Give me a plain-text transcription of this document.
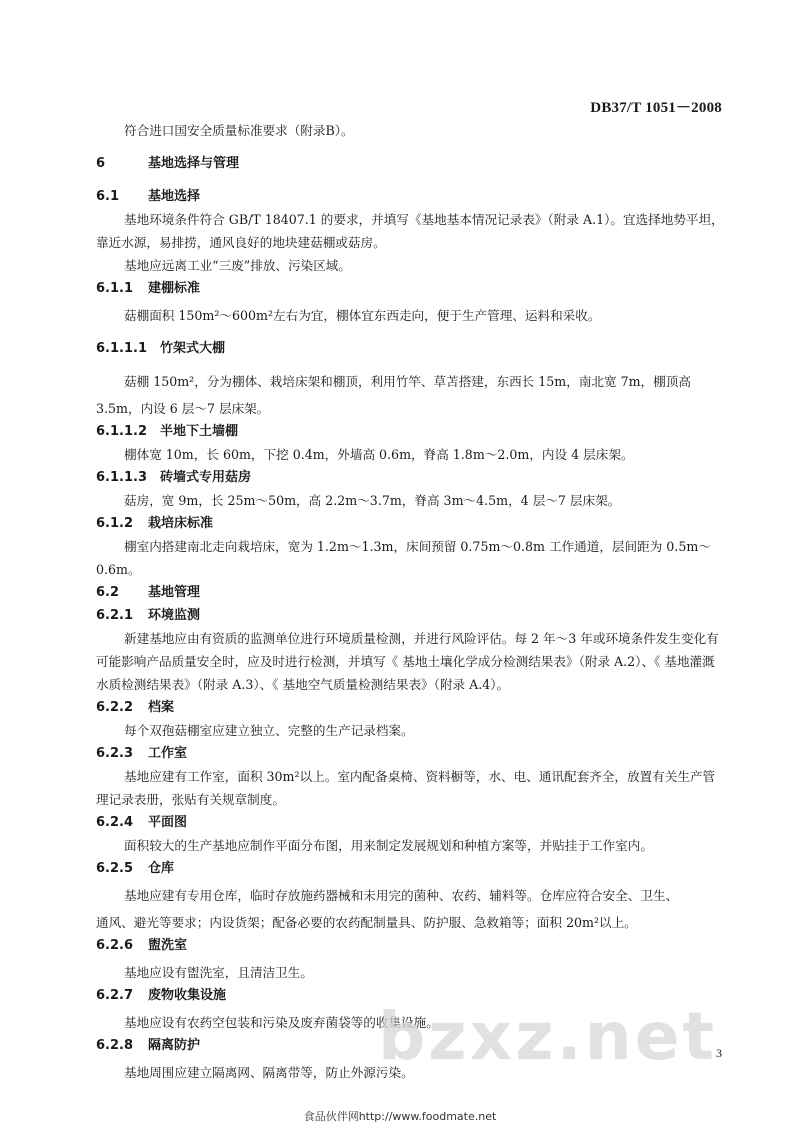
DB37/T 1051－2008

符合进口国安全质量标准要求（附录B）。

6	基地选择与管理
6.1 基地选择

基地环境条件符合 GB/T 18407.1 的要求，并填写《基地基本情况记录表》（附录 A.1）。宜选择地势平坦，靠近水源，易排捞，通风良好的地块建菇棚或菇房。

基地应远离工业“三废”排放、污染区域。

6.1.1 建棚标准

菇棚面积 150m²～600m²左右为宜，棚体宜东西走向，便于生产管理、运料和采收。

6.1.1.1 竹架式大棚

菇棚 150m²，分为棚体、栽培床架和棚顶，利用竹竿、草苫搭建，东西长 15m，南北宽 7m，棚顶高

3.5m，内设 6 层～7 层床架。

6.1.1.2 半地下土墙棚

棚体宽 10m，长 60m，下挖 0.4m，外墙高 0.6m，脊高 1.8m～2.0m，内设 4 层床架。

6.1.1.3 砖墙式专用菇房

菇房，宽 9m，长 25m～50m，高 2.2m～3.7m，脊高 3m～4.5m，4 层～7 层床架。

6.1.2 栽培床标准

棚室内搭建南北走向栽培床，宽为 1.2m～1.3m，床间预留 0.75m～0.8m 工作通道，层间距为 0.5m～0.6m。

6.2 基地管理
6.2.1 环境监测

新建基地应由有资质的监测单位进行环境质量检测，并进行风险评估。每 2 年～3 年或环境条件发生变化有可能影响产品质量安全时，应及时进行检测，并填写《 基地土壤化学成分检测结果表》（附录 A.2）、《 基地灌溉水质检测结果表》（附录 A.3）、《 基地空气质量检测结果表》（附录 A.4）。

6.2.2 档案

每个双孢菇棚室应建立独立、完整的生产记录档案。

6.2.3 工作室

基地应建有工作室，面积 30m²以上。室内配备桌椅、资料橱等，水、电、通讯配套齐全，放置有关生产管理记录表册，张贴有关规章制度。

6.2.4 平面图

面积较大的生产基地应制作平面分布图，用来制定发展规划和种植方案等，并贴挂于工作室内。

6.2.5 仓库

基地应建有专用仓库，临时存放施药器械和未用完的菌种、农药、辅料等。仓库应符合安全、卫生、

通风、避光等要求；内设货架；配备必要的农药配制量具、防护服、急救箱等；面积 20m²以上。

6.2.6 盥洗室

基地应设有盥洗室，且清洁卫生。

6.2.7 废物收集设施

基地应设有农药空包装和污染及废弃菌袋等的收集设施。

6.2.8 隔离防护

基地周围应建立隔离网、隔离带等，防止外源污染。

bzxz.net
3
食品伙伴网http://www.foodmate.net
